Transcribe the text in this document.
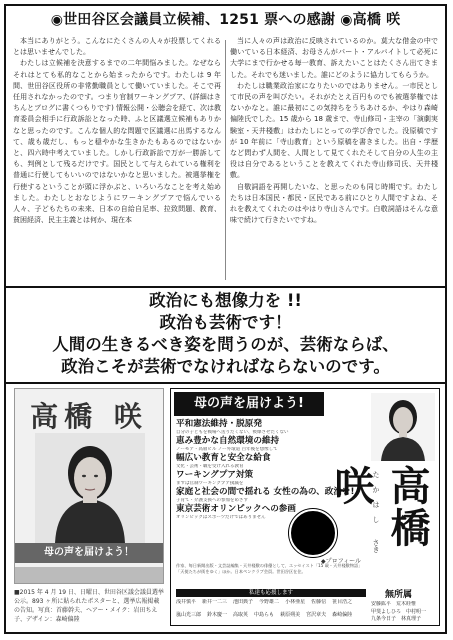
◉世田谷区会議員立候補、1251 票への感謝 ◉高橋 咲

本当にありがとう。こんなにたくさんの人々が投票してくれるとは思いませんでした。

わたしは立候補を決意するまでの二年間悩みました。なぜならそれはとても私的なことから始まったからです。わたしは 9 年間、世田谷区役所の非常勤職員として働いていました。そこで再任用されなかったのです。つまり官制ワーキングプア、(詳細はきちんとブログに書くつもりです) 情報公開・公聴会を経て、次は教育委員会相手に行政訴訟となった時、ふと区議選立候補もありかなと思ったのです。こんな個人的な問題で区議選に出馬するなんて、歳も歳だし、もっと穏やかな生きかたもあるのではないかと、四六時中考えていました。しかし行政訴訟で万が一勝訴しても、判例として残るだけです。国民として与えられている権利を普通に行使してもいいのではないかなと思いました。被選挙権を行使するということが頭に浮かぶと、いろいろなことを考え始めました。わたしとおなじようにワーキングプアで悩んでいる人々、子どもたちの未来、日本の自給自足率、拉致問題、教育、貧困経済、民主主義とは何か、現在本

当に人々の声は政治に反映されているのか。莫大な借金の中で働いている日本経済、お母さんがパート・アルバイトして必死に大学にまで行かせる毎一教育、訴えたいことはたくさん出てきました。それでも迷いました。誰にどのように協力してもらうか。

わたしは職業政治家になりたいのではありません。一市民として市民の声を叫びたい。それがたとえ百円ものでも被選挙権ではないかなと。誰に最初にこの気持ちをうちあけるか、やはり森崎偏陸氏でした。15 歳から 18 歳まで、寺山修司・主宰の「演劇実験室・天井棧敷」はわたしにとっての学び舎でした。没原稿ですが 10 年前に「寺山教育」という原稿を書きました。出自・学歴など問わず人間を、人間として見てくれたそして自分の人生の主役は自分であるということを教えてくれた寺山修司氏、天井棧敷。

自敬詞語を再開したいな、と思ったのも同じ時期です。わたしたちは日本国民・都民・区民である前にひとり人間ですよね、それを教えてくれたのはやはり寺山さんです。白敬詞語はそんな意味で続けて行きたいですね。

政治にも想像力を !!
政治も芸術です！
人間の生きるべき姿を問うのが、芸術ならば、
政治こそが芸術でなければならないのです。
高橋 咲
母の声を届けよう！
■2015 年 4 月 19 日、日曜日、世田谷区議会議員選挙公示。893 ヶ所に貼られたポスターと、選挙広報掲載の告知。写真：首藤幹夫、ヘアー・メイク：岩田ちえ子、デザイン：森崎偏陸
母の声を届けよう!
平和憲法維持・脱原発
自分の子どもを戦場へ送りたくない、被爆させたくない
恵み豊かな自然環境の維持
ノーモア・高層ビル ノー外環道 百年後を想像して
幅広い教育と安全な給食
文化・芸術・職を受け入れる教育
ワーキングプア対策
まずは官制ワーキングプア撲滅を
家庭と社会の間で揺れる 女性の為の、政治を!
子育て・介護支援への参加をめざす
東京芸術オリンピックへの参画
オリンピックはスポーツだけではありません	たかはし
さき 高橋咲
無所属
◆プロフィール
作家、毎日新聞出版・文芸誌編集・天井棧敷の俳優として、エッセイスト「15 歳・天井棧敷物語」「天使たちが街をゆく」ほか。日本ペンクラブ会員。世田谷区在住。
私達も応援します
浅井慎平 新井一二三 池田典子 今野雄二 小林亜星 佐藤信 笹目浩之
嵐山光三郎 鈴木慶一 高取英 中島らも 萩原朔美 宮沢章夫 森崎偏陸
安藤紘平 荒木経惟
甲斐よしひろ 中村明一
九条今日子 林真理子
